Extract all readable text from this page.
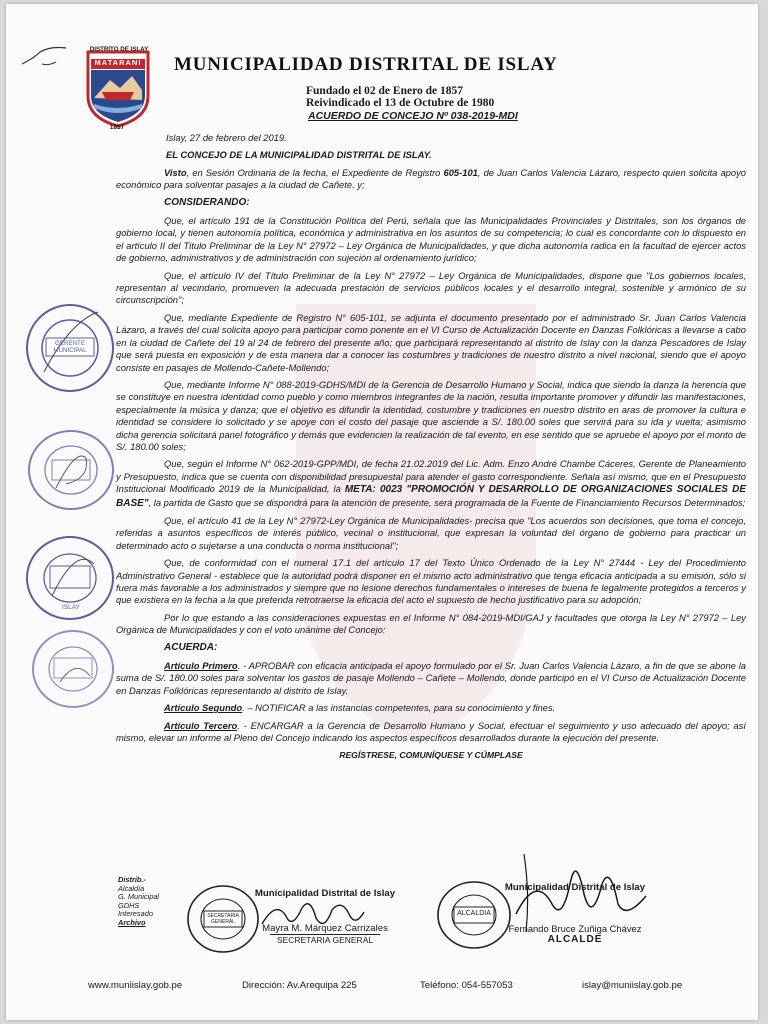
DISTRITO DE ISLAY
MATARANI
1857
MUNICIPALIDAD DISTRITAL DE ISLAY
Fundado el 02 de Enero de 1857
Reivindicado el 13 de Octubre de 1980
ACUERDO DE CONCEJO Nº 038-2019-MDI

Islay, 27 de febrero del 2019.

EL CONCEJO DE LA MUNICIPALIDAD DISTRITAL DE ISLAY.

Visto, en Sesión Ordinaria de la fecha, el Expediente de Registro 605-101, de Juan Carlos Valencia Lázaro, respecto quien solicita apoyo económico para solventar pasajes a la ciudad de Cañete. y;

CONSIDERANDO:

Que, el artículo 191 de la Constitución Política del Perú, señala que las Municipalidades Provinciales y Distritales, son los órganos de gobierno local, y tienen autonomía política, económica y administrativa en los asuntos de su competencia; lo cual es concordante con lo dispuesto en el artículo II del Titulo Preliminar de la Ley N° 27972 – Ley Orgánica de Municipalidades, y que dicha autonomía radica en la facultad de ejercer actos de gobierno, administrativos y de administración con sujeción al ordenamiento jurídico;

Que, el artículo IV del Título Preliminar de la Ley N° 27972 – Ley Orgánica de Municipalidades, dispone que "Los gobiernos locales, representan al vecindario, promueven la adecuada prestación de servicios públicos locales y el desarrollo integral, sostenible y armónico de su circunscripción";

Que, mediante Expediente de Registro N° 605-101, se adjunta el documento presentado por el administrado Sr. Juan Carlos Valencia Lázaro, a través del cual solicita apoyo para participar como ponente en el VI Curso de Actualización Docente en Danzas Folklóricas a llevarse a cabo en la ciudad de Cañete del 19 al 24 de febrero del presente año; que participará representando al distrito de Islay con la danza Pescadores de Islay que será puesta en exposición y de esta manera dar a conocer las costumbres y tradiciones de nuestro distrito a nivel nacional, siendo que el apoyo consiste en pasajes de Mollendo-Cañete-Mollendo;

Que, mediante Informe N° 088-2019-GDHS/MDI de la Gerencia de Desarrollo Humano y Social, indica que siendo la danza la herencia que se constituye en nuestra identidad como pueblo y como miembros integrantes de la nación, resulta importante promover y difundir las manifestaciones, especialmente la música y danza; que el objetivo es difundir la identidad, costumbre y tradiciones en nuestro distrito en aras de promover la cultura e identidad se considere lo solicitado y se apoye con el costo del pasaje que asciende a S/. 180.00 soles que servirá para su ida y vuelta; asimismo dicha gerencia solicitará panel fotográfico y demás que evidencien la realización de tal evento, en ese sentido que se apruebe el apoyo por el monto de S/. 180.00 soles;

Que, según el Informe N° 062-2019-GPP/MDI, de fecha 21.02.2019 del Lic. Adm. Enzo André Chambe Cáceres, Gerente de Planeamiento y Presupuesto, indica que se cuenta con disponibilidad presupuestal para atender el gasto correspondiente. Señala así mismo, que en el Presupuesto Institucional Modificado 2019 de la Municipalidad, la META: 0023 "PROMOCIÓN Y DESARROLLO DE ORGANIZACIONES SOCIALES DE BASE", la partida de Gasto que se dispondrá para la atención de presente, será programada de la Fuente de Financiamiento Recursos Determinados;

Que, el artículo 41 de la Ley N° 27972-Ley Orgánica de Municipalidades- precisa que "Los acuerdos son decisiones, que toma el concejo, referidas a asuntos específicos de interés público, vecinal o institucional, que expresan la voluntad del órgano de gobierno para practicar un determinado acto o sujetarse a una conducta o norma institucional";

Que, de conformidad con el numeral 17.1 del artículo 17 del Texto Único Ordenado de la Ley N° 27444 - Ley del Procedimiento Administrativo General - establece que la autoridad podrá disponer en el mismo acto administrativo que tenga eficacia anticipada a su emisión, sólo si fuera más favorable a los administrados y siempre que no lesione derechos fundamentales o intereses de buena fe legalmente protegidos a terceros y que existiera en la fecha a la que pretenda retrotraerse la eficacia del acto el supuesto de hecho justificativo para su adopción;

Por lo que estando a las consideraciones expuestas en el Informe N° 084-2019-MDI/GAJ y facultades que otorga la Ley N° 27972 – Ley Orgánica de Municipalidades y con el voto unánime del Concejo:

ACUERDA:

Artículo Primero. - APROBAR con eficacia anticipada el apoyo formulado por el Sr. Juan Carlos Valencia Lázaro, a fin de que se abone la suma de S/. 180.00 soles para solventar los gastos de pasaje Mollendo – Cañete – Mollendo, donde participó en el VI Curso de Actualización Docente en Danzas Folklóricas representando al distrito de Islay.

Artículo Segundo. – NOTIFICAR a las instancias competentes, para su conocimiento y fines.

Artículo Tercero. - ENCARGAR a la Gerencia de Desarrollo Humano y Social, efectuar el seguimiento y uso adecuado del apoyo; así mismo, elevar un informe al Pleno del Concejo indicando los aspectos específicos desarrollados durante la ejecución del presente.

REGÍSTRESE, COMUNÍQUESE Y CÚMPLASE

GERENTE MUNICIPAL
ISLAY
Distrib.-
Alcaldía
G. Municipal
GDHS
Interesado
Archivo
SECRETARIA GENERAL
ALCALDIA
Municipalidad Distrital de Islay
Mayra M. Márquez Carrizales
SECRETARIA GENERAL
Municipalidad Distrital de Islay
Fernando Bruce Zuñiga Chávez
ALCALDE
www.muniislay.gob.pe	Dirección: Av.Arequipa 225	Teléfono: 054-557053	islay@muniislay.gob.pe
